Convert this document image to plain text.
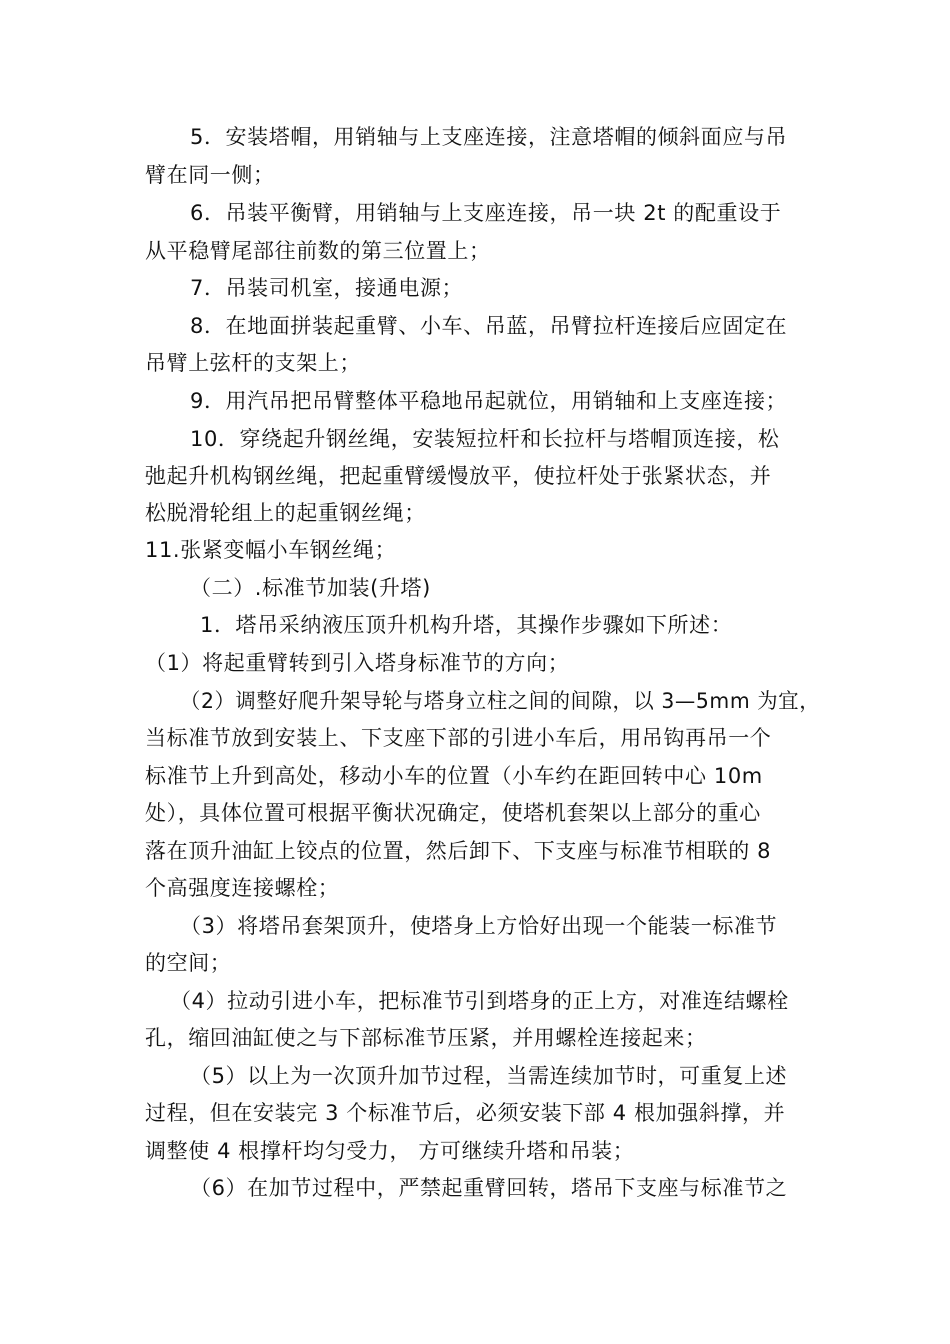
5．安装塔帽，用销轴与上支座连接，注意塔帽的倾斜面应与吊
臂在同一侧；
6．吊装平衡臂，用销轴与上支座连接，吊一块 2t 的配重设于
从平稳臂尾部往前数的第三位置上；
7．吊装司机室，接通电源；
8．在地面拼装起重臂、小车、吊蓝，吊臂拉杆连接后应固定在
吊臂上弦杆的支架上；
9．用汽吊把吊臂整体平稳地吊起就位，用销轴和上支座连接；
10．穿绕起升钢丝绳，安装短拉杆和长拉杆与塔帽顶连接，松
弛起升机构钢丝绳，把起重臂缓慢放平，使拉杆处于张紧状态，并
松脱滑轮组上的起重钢丝绳；
11.张紧变幅小车钢丝绳；
（二）.标准节加装(升塔)
1．塔吊采纳液压顶升机构升塔，其操作步骤如下所述：
（1）将起重臂转到引入塔身标准节的方向；
（2）调整好爬升架导轮与塔身立柱之间的间隙，以 3—5mm 为宜，
当标准节放到安装上、下支座下部的引进小车后，用吊钩再吊一个
标准节上升到高处，移动小车的位置（小车约在距回转中心 10m
处），具体位置可根据平衡状况确定，使塔机套架以上部分的重心
落在顶升油缸上铰点的位置，然后卸下、下支座与标准节相联的 8
个高强度连接螺栓；
（3）将塔吊套架顶升，使塔身上方恰好出现一个能装一标准节
的空间；
（4）拉动引进小车，把标准节引到塔身的正上方，对准连结螺栓
孔，缩回油缸使之与下部标准节压紧，并用螺栓连接起来；
（5）以上为一次顶升加节过程，当需连续加节时，可重复上述
过程，但在安装完 3 个标准节后，必须安装下部 4 根加强斜撑，并
调整使 4 根撑杆均匀受力， 方可继续升塔和吊装；
（6）在加节过程中，严禁起重臂回转，塔吊下支座与标准节之
